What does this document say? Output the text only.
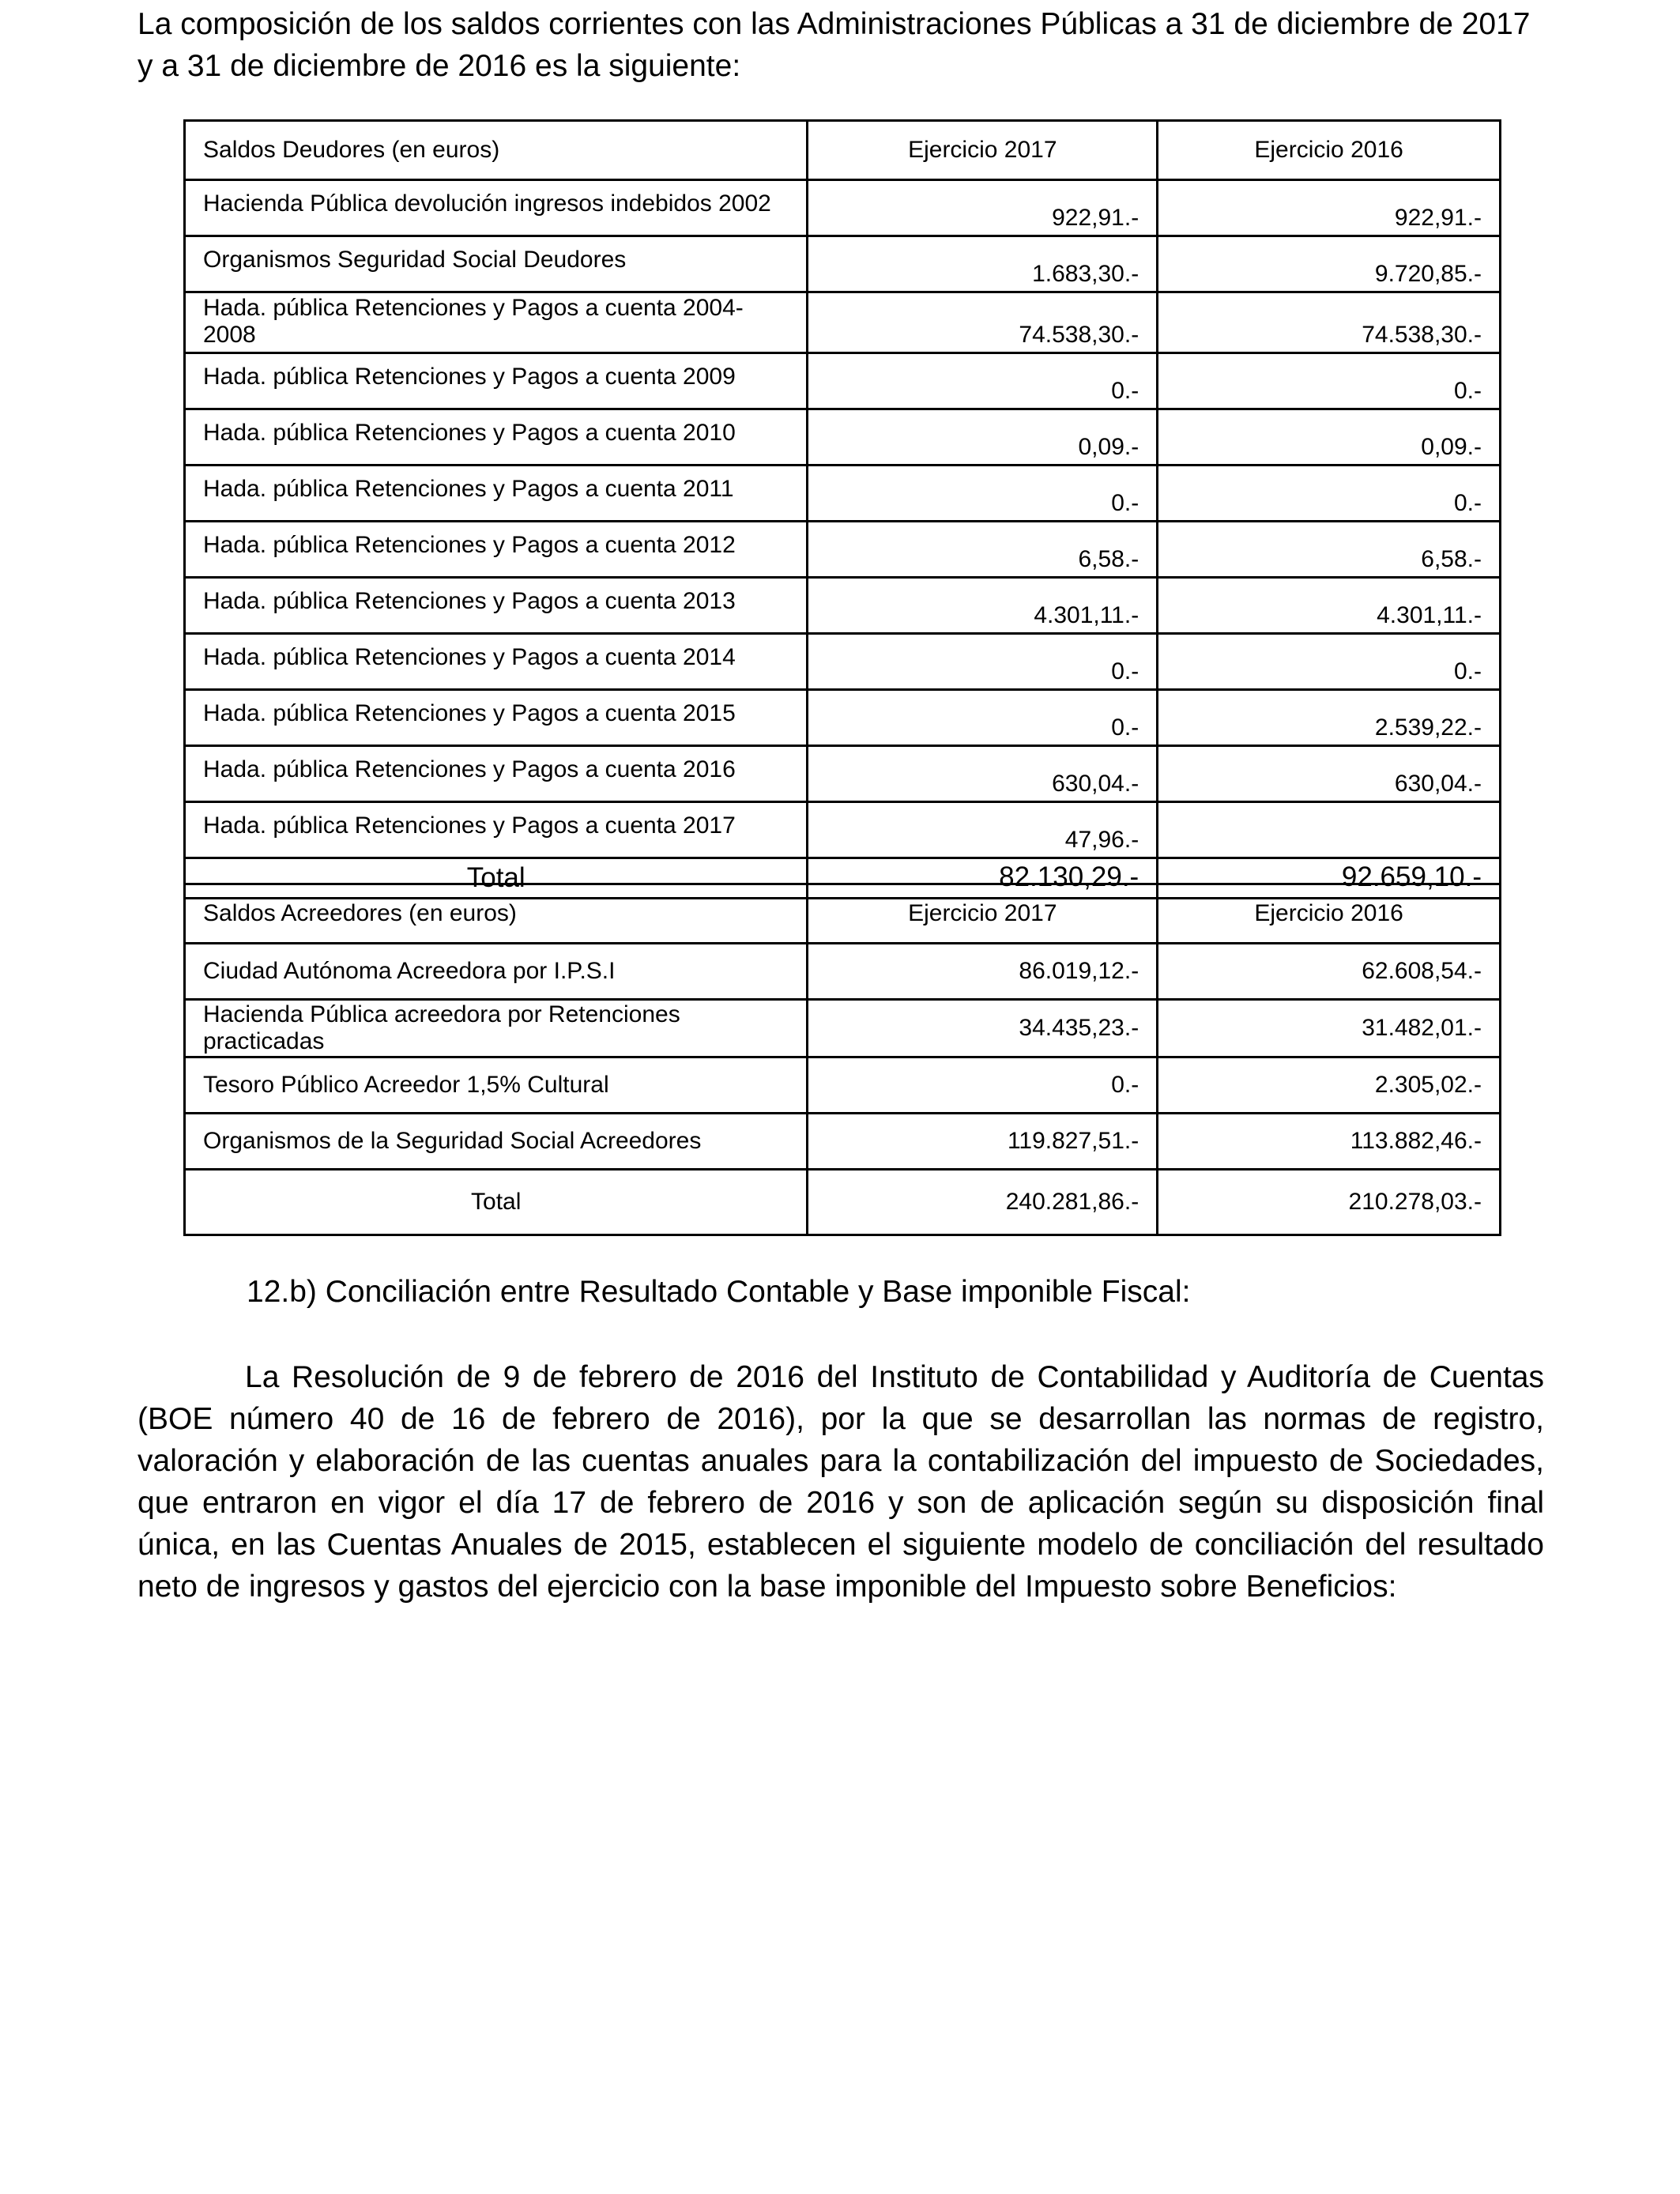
La composición de los saldos corrientes con las Administraciones Públicas a 31 de diciembre de 2017 y a 31 de diciembre de 2016 es la siguiente:

Saldos Deudores (en euros)	Ejercicio 2017	Ejercicio 2016
Hacienda Pública devolución ingresos indebidos 2002	922,91.-	922,91.-
Organismos Seguridad Social Deudores	1.683,30.-	9.720,85.-
Hada. pública Retenciones y Pagos a cuenta 2004-2008	74.538,30.-	74.538,30.-
Hada. pública Retenciones y Pagos a cuenta 2009	0.-	0.-
Hada. pública Retenciones y Pagos a cuenta 2010	0,09.-	0,09.-
Hada. pública Retenciones y Pagos a cuenta 2011	0.-	0.-
Hada. pública Retenciones y Pagos a cuenta 2012	6,58.-	6,58.-
Hada. pública Retenciones y Pagos a cuenta 2013	4.301,11.-	4.301,11.-
Hada. pública Retenciones y Pagos a cuenta 2014	0.-	0.-
Hada. pública Retenciones y Pagos a cuenta 2015	0.-	2.539,22.-
Hada. pública Retenciones y Pagos a cuenta 2016	630,04.-	630,04.-
Hada. pública Retenciones y Pagos a cuenta 2017	47,96.-	
Total	82.130,29.-	92.659,10.-
Saldos Acreedores (en euros)	Ejercicio 2017	Ejercicio 2016
Ciudad Autónoma Acreedora por I.P.S.I	86.019,12.-	62.608,54.-
Hacienda Pública acreedora por Retenciones practicadas	34.435,23.-	31.482,01.-
Tesoro Público Acreedor 1,5% Cultural	0.-	2.305,02.-
Organismos de la Seguridad Social Acreedores	119.827,51.-	113.882,46.-
Total	240.281,86.-	210.278,03.-

12.b) Conciliación entre Resultado Contable y Base imponible Fiscal:

La Resolución de 9 de febrero de 2016 del Instituto de Contabilidad y Auditoría de Cuentas (BOE número 40 de 16 de febrero de 2016), por la que se desarrollan las normas de registro, valoración y elaboración de las cuentas anuales para la contabilización del impuesto de Sociedades, que entraron en vigor el día 17 de febrero de 2016 y son de aplicación según su disposición final única, en las Cuentas Anuales de 2015, establecen el siguiente modelo de conciliación del resultado neto de ingresos y gastos del ejercicio con la base imponible del Impuesto sobre Beneficios:
